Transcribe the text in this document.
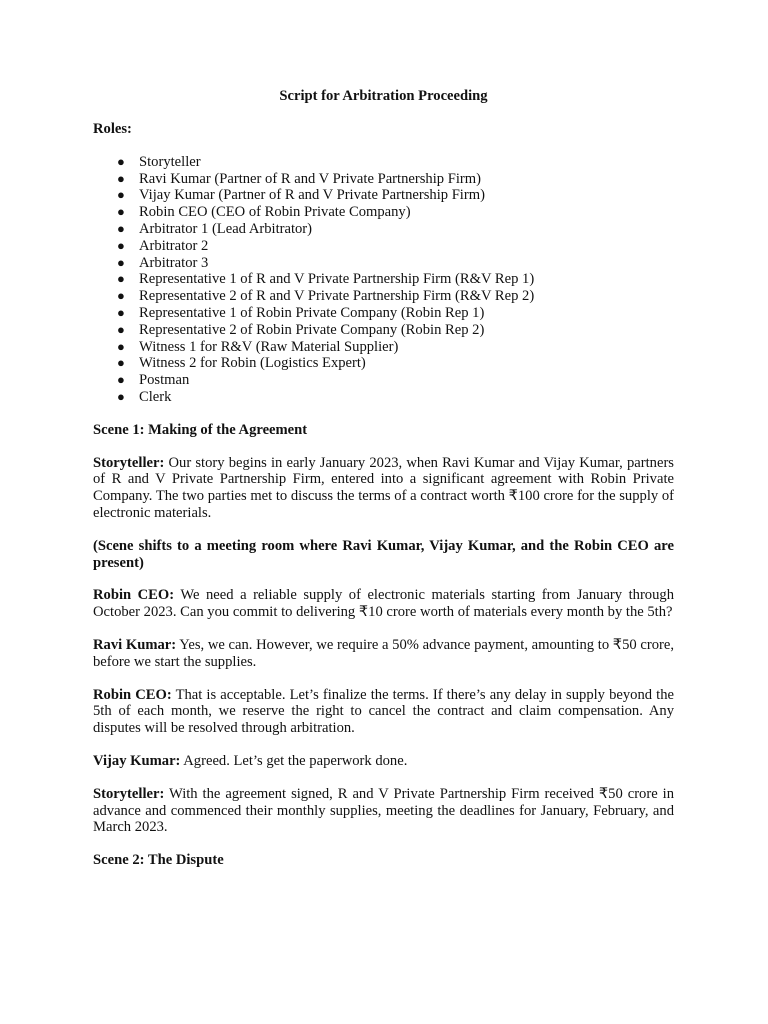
Script for Arbitration Proceeding

Roles:

● Storyteller
● Ravi Kumar (Partner of R and V Private Partnership Firm)
● Vijay Kumar (Partner of R and V Private Partnership Firm)
● Robin CEO (CEO of Robin Private Company)
● Arbitrator 1 (Lead Arbitrator)
● Arbitrator 2
● Arbitrator 3
● Representative 1 of R and V Private Partnership Firm (R&V Rep 1)
● Representative 2 of R and V Private Partnership Firm (R&V Rep 2)
● Representative 1 of Robin Private Company (Robin Rep 1)
● Representative 2 of Robin Private Company (Robin Rep 2)
● Witness 1 for R&V (Raw Material Supplier)
● Witness 2 for Robin (Logistics Expert)
● Postman
● Clerk

Scene 1: Making of the Agreement

Storyteller: Our story begins in early January 2023, when Ravi Kumar and Vijay Kumar, partners of R and V Private Partnership Firm, entered into a significant agreement with Robin Private Company. The two parties met to discuss the terms of a contract worth ₹100 crore for the supply of electronic materials.

(Scene shifts to a meeting room where Ravi Kumar, Vijay Kumar, and the Robin CEO are present)

Robin CEO: We need a reliable supply of electronic materials starting from January through October 2023. Can you commit to delivering ₹10 crore worth of materials every month by the 5th?

Ravi Kumar: Yes, we can. However, we require a 50% advance payment, amounting to ₹50 crore, before we start the supplies.

Robin CEO: That is acceptable. Let’s finalize the terms. If there’s any delay in supply beyond the 5th of each month, we reserve the right to cancel the contract and claim compensation. Any disputes will be resolved through arbitration.

Vijay Kumar: Agreed. Let’s get the paperwork done.

Storyteller: With the agreement signed, R and V Private Partnership Firm received ₹50 crore in advance and commenced their monthly supplies, meeting the deadlines for January, February, and March 2023.

Scene 2: The Dispute
